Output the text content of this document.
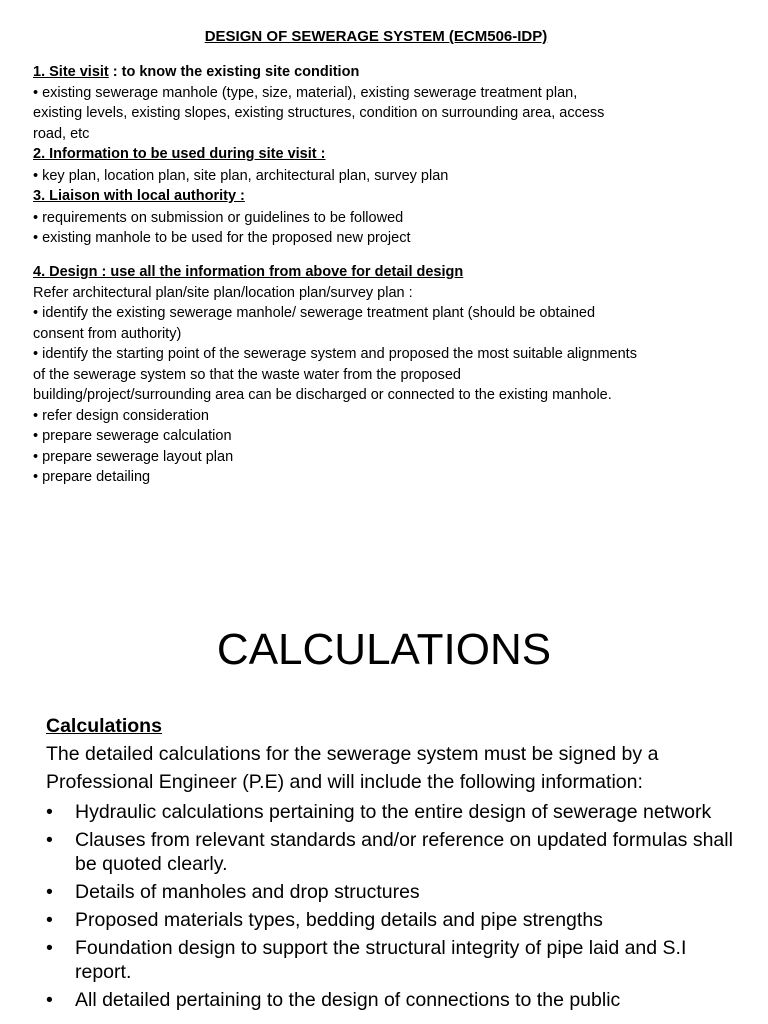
DESIGN OF SEWERAGE SYSTEM (ECM506-IDP)
1. Site visit : to know the existing site condition
• existing sewerage manhole (type, size, material), existing sewerage treatment plan,
existing levels, existing slopes, existing structures, condition on surrounding area, access
road, etc
2. Information to be used during site visit :
• key plan, location plan, site plan, architectural plan, survey plan
3. Liaison with local authority :
• requirements on submission or guidelines to be followed
• existing manhole to be used for the proposed new project
4. Design : use all the information from above for detail design
Refer architectural plan/site plan/location plan/survey plan :
• identify the existing sewerage manhole/ sewerage treatment plant (should be obtained
consent from authority)
• identify the starting point of the sewerage system and proposed the most suitable alignments
of the sewerage system so that the waste water from the proposed
building/project/surrounding area can be discharged or connected to the existing manhole.
• refer design consideration
• prepare sewerage calculation
• prepare sewerage layout plan
• prepare detailing
CALCULATIONS
Calculations
The detailed calculations for the sewerage system must be signed by a
Professional Engineer (P.E) and will include the following information:
• Hydraulic calculations pertaining to the entire design of sewerage network
• Clauses from relevant standards and/or reference on updated formulas shall be quoted clearly.
• Details of manholes and drop structures
• Proposed materials types, bedding details and pipe strengths
• Foundation design to support the structural integrity of pipe laid and S.I report.
• All detailed pertaining to the design of connections to the public
